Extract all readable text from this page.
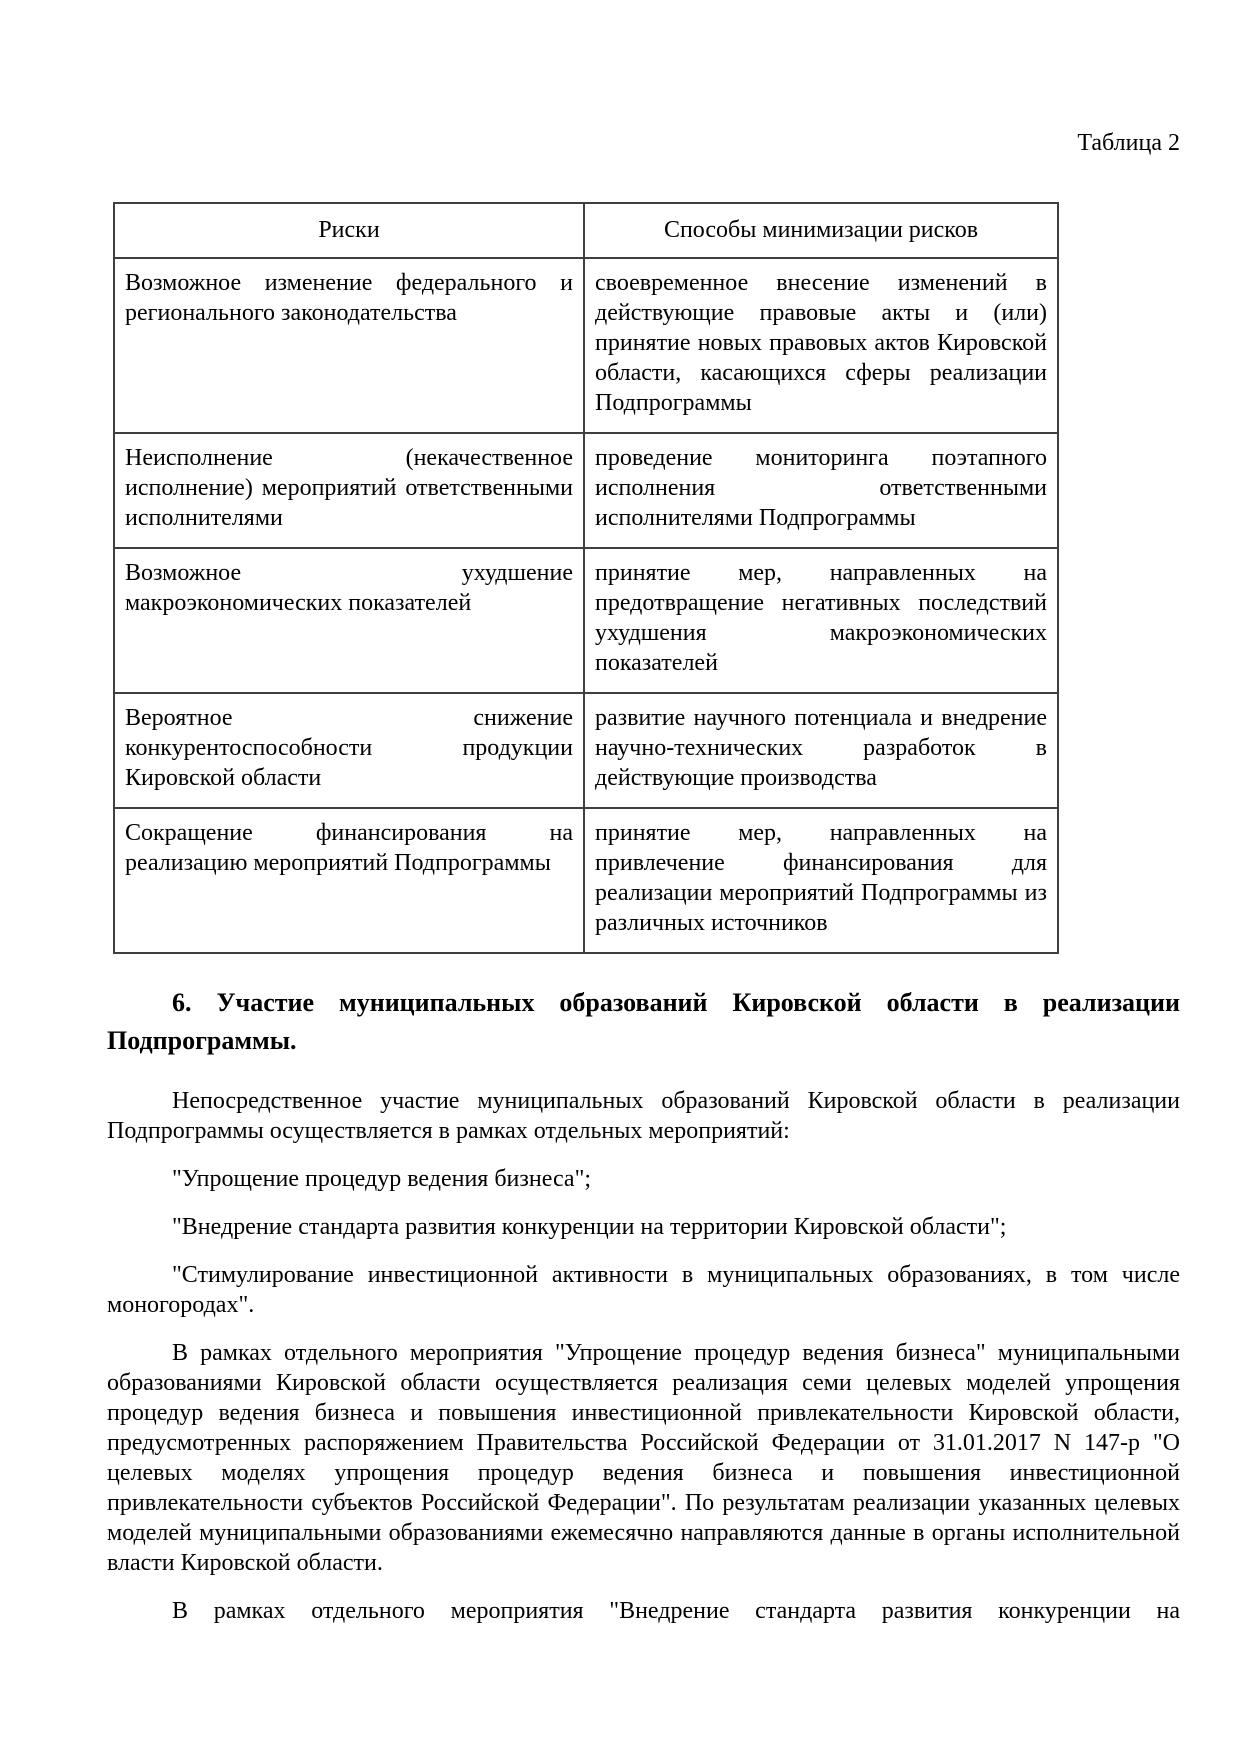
Таблица 2
Риски	Способы минимизации рисков
Возможное изменение федерального и регионального законодательства	своевременное внесение изменений в действующие правовые акты и (или) принятие новых правовых актов Кировской области, касающихся сферы реализации Подпрограммы
Неисполнение (некачественное исполнение) мероприятий ответственными исполнителями	проведение мониторинга поэтапного исполнения ответственными исполнителями Подпрограммы
Возможное ухудшение макроэкономических показателей	принятие мер, направленных на предотвращение негативных последствий ухудшения макроэкономических показателей
Вероятное снижение конкурентоспособности продукции Кировской области	развитие научного потенциала и внедрение научно-технических разработок в действующие производства
Сокращение финансирования на реализацию мероприятий Подпрограммы	принятие мер, направленных на привлечение финансирования для реализации мероприятий Подпрограммы из различных источников
6. Участие муниципальных образований Кировской области в реализации Подпрограммы.

Непосредственное участие муниципальных образований Кировской области в реализации Подпрограммы осуществляется в рамках отдельных мероприятий:

"Упрощение процедур ведения бизнеса";

"Внедрение стандарта развития конкуренции на территории Кировской области";

"Стимулирование инвестиционной активности в муниципальных образованиях, в том числе моногородах".

В рамках отдельного мероприятия "Упрощение процедур ведения бизнеса" муниципальными образованиями Кировской области осуществляется реализация семи целевых моделей упрощения процедур ведения бизнеса и повышения инвестиционной привлекательности Кировской области, предусмотренных распоряжением Правительства Российской Федерации от 31.01.2017 N 147-р "О целевых моделях упрощения процедур ведения бизнеса и повышения инвестиционной привлекательности субъектов Российской Федерации". По результатам реализации указанных целевых моделей муниципальными образованиями ежемесячно направляются данные в органы исполнительной власти Кировской области.

В рамках отдельного мероприятия "Внедрение стандарта развития конкуренции на
